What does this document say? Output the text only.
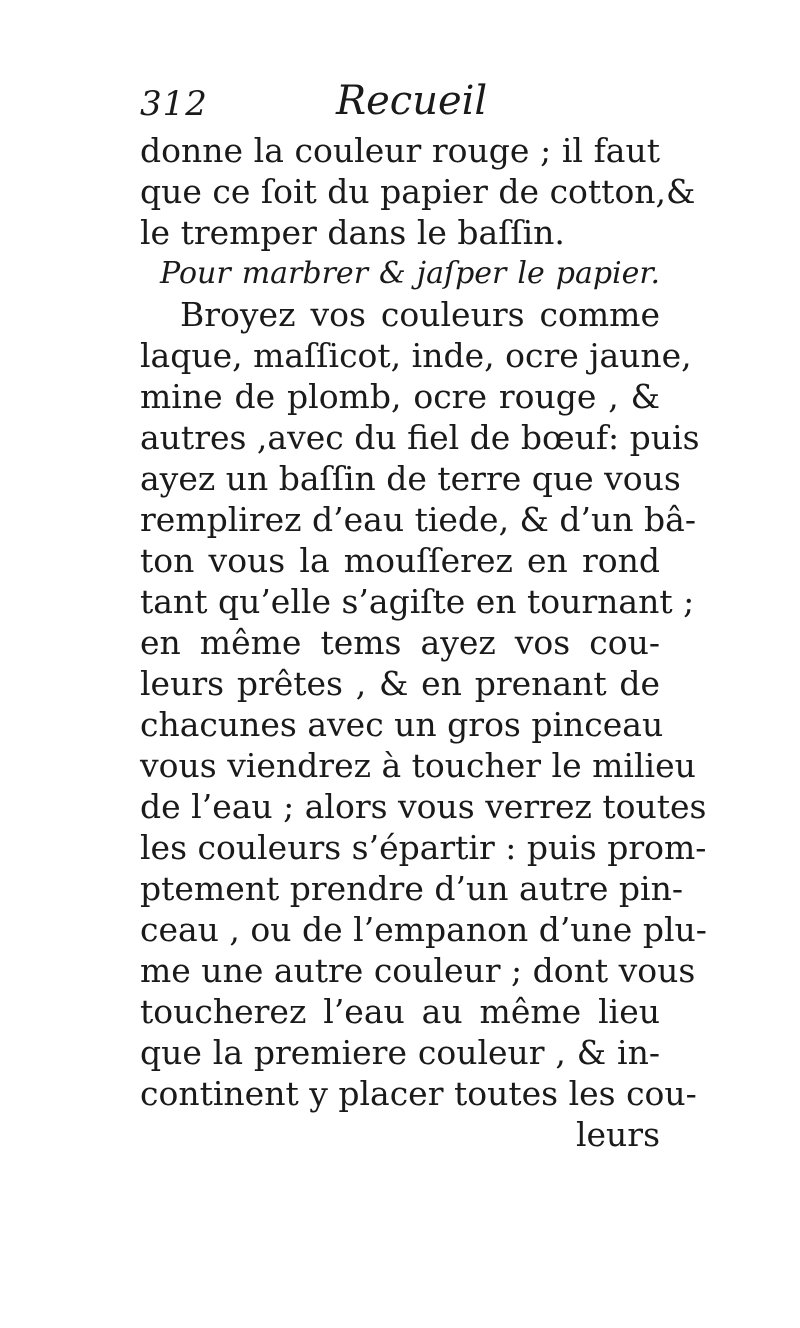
312	Recueil
donne la couleur rouge ; il faut
que ce ſoit du papier de cotton,&
le tremper dans le baſſin.
Pour marbrer & jaſper le papier.
Broyez vos couleurs comme
laque, maſſicot, inde, ocre jaune,
mine de plomb, ocre rouge , &
autres ,avec du fiel de bœuf: puis
ayez un baſſin de terre que vous
remplirez d’eau tiede, & d’un bâ-
ton vous la mouſſerez en rond
tant qu’elle s’agiſte en tournant ;
en même tems ayez vos cou-
leurs prêtes , & en prenant de
chacunes avec un gros pinceau
vous viendrez à toucher le milieu
de l’eau ; alors vous verrez toutes
les couleurs s’épartir : puis prom-
ptement prendre d’un autre pin-
ceau , ou de l’empanon d’une plu-
me une autre couleur ; dont vous
toucherez l’eau au même lieu
que la premiere couleur , & in-
continent y placer toutes les cou-
leurs
